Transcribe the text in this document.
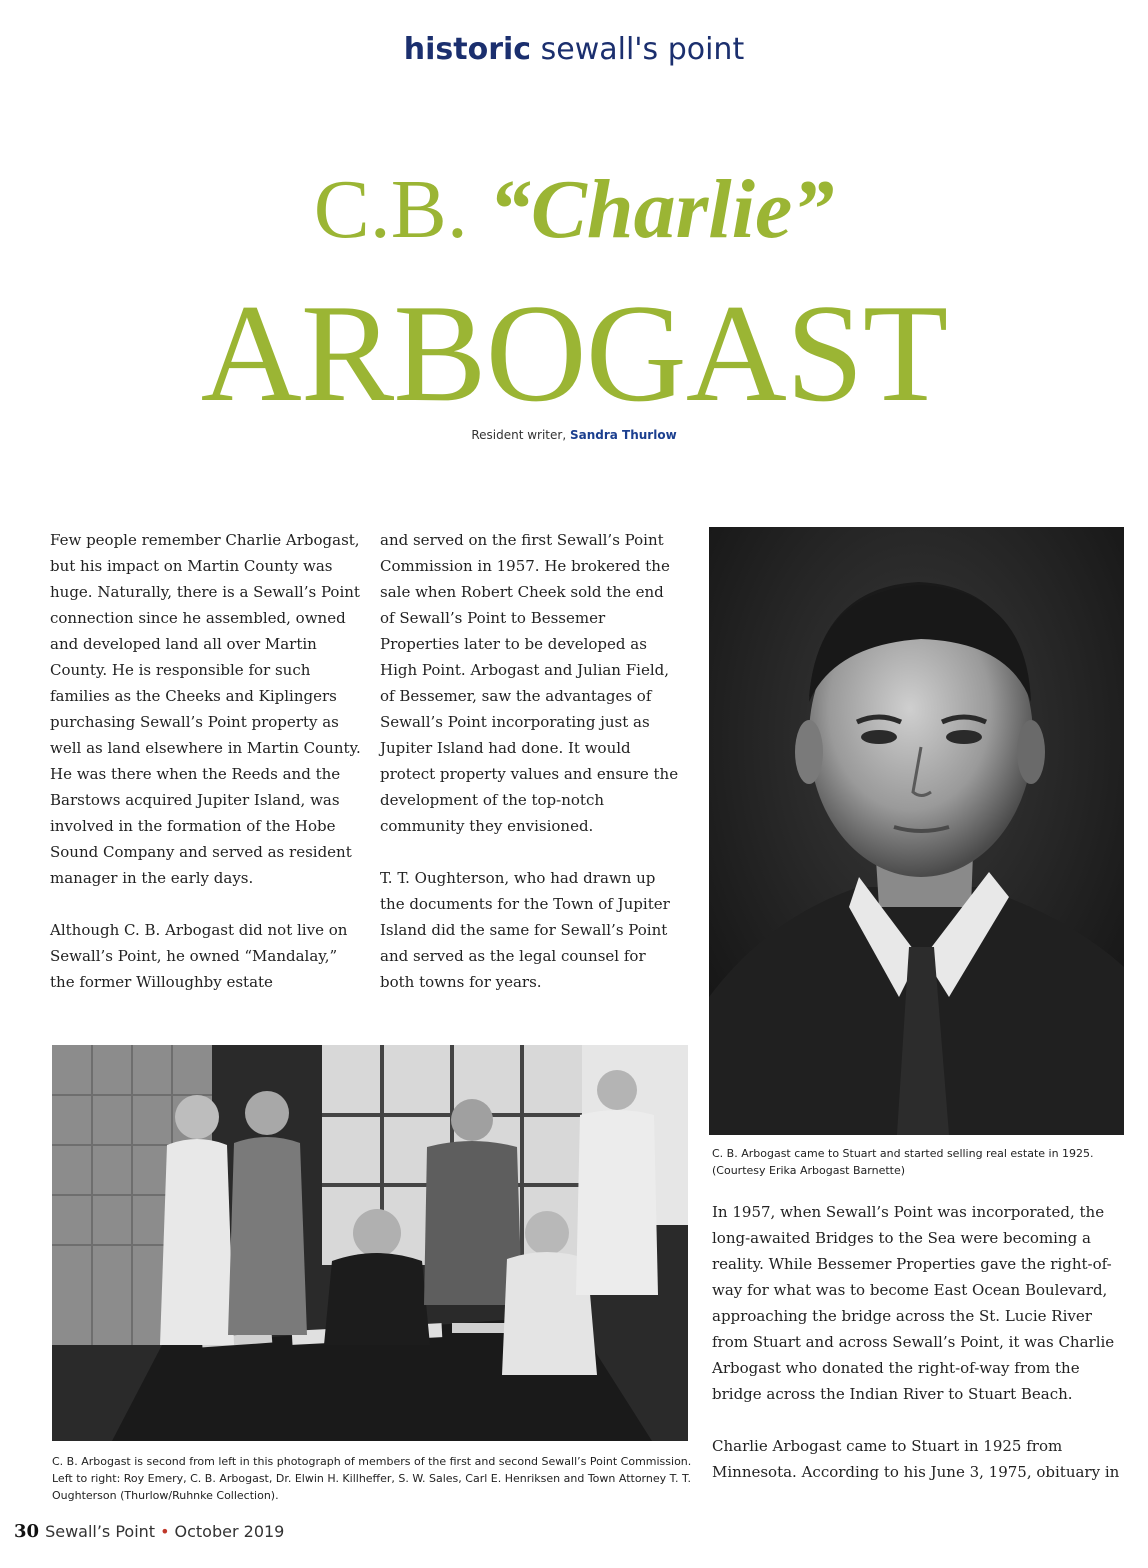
historic sewall's point
C.B. “Charlie”
ARBOGAST
Resident writer, Sandra Thurlow

Few people remember Charlie Arbogast, but his impact on Martin County was huge. Naturally, there is a Sewall’s Point connection since he assembled, owned and developed land all over Martin County. He is responsible for such families as the Cheeks and Kiplingers purchasing Sewall’s Point property as well as land elsewhere in Martin County. He was there when the Reeds and the Barstows acquired Jupiter Island, was involved in the formation of the Hobe Sound Company and served as resident manager in the early days.

Although C. B. Arbogast did not live on Sewall’s Point, he owned “Mandalay,” the former Willoughby estate

and served on the first Sewall’s Point Commission in 1957. He brokered the sale when Robert Cheek sold the end of Sewall’s Point to Bessemer Properties later to be developed as High Point. Arbogast and Julian Field, of Bessemer, saw the advantages of Sewall’s Point incorporating just as Jupiter Island had done. It would protect property values and ensure the development of the top-notch community they envisioned.

T. T. Oughterson, who had drawn up the documents for the Town of Jupiter Island did the same for Sewall’s Point and served as the legal counsel for both towns for years.

C. B. Arbogast came to Stuart and started selling real estate in 1925. (Courtesy Erika Arbogast Barnette)
C. B. Arbogast is second from left in this photograph of members of the first and second Sewall’s Point Commission. Left to right: Roy Emery, C. B. Arbogast, Dr. Elwin H. Killheffer, S. W. Sales, Carl E. Henriksen and Town Attorney T. T. Oughterson (Thurlow/Ruhnke Collection).

In 1957, when Sewall’s Point was incorporated, the long-awaited Bridges to the Sea were becoming a reality. While Bessemer Properties gave the right-of-way for what was to become East Ocean Boulevard, approaching the bridge across the St. Lucie River from Stuart and across Sewall’s Point, it was Charlie Arbogast who donated the right-of-way from the bridge across the Indian River to Stuart Beach.

Charlie Arbogast came to Stuart in 1925 from Minnesota. According to his June 3, 1975, obituary in

30 Sewall’s Point • October 2019
